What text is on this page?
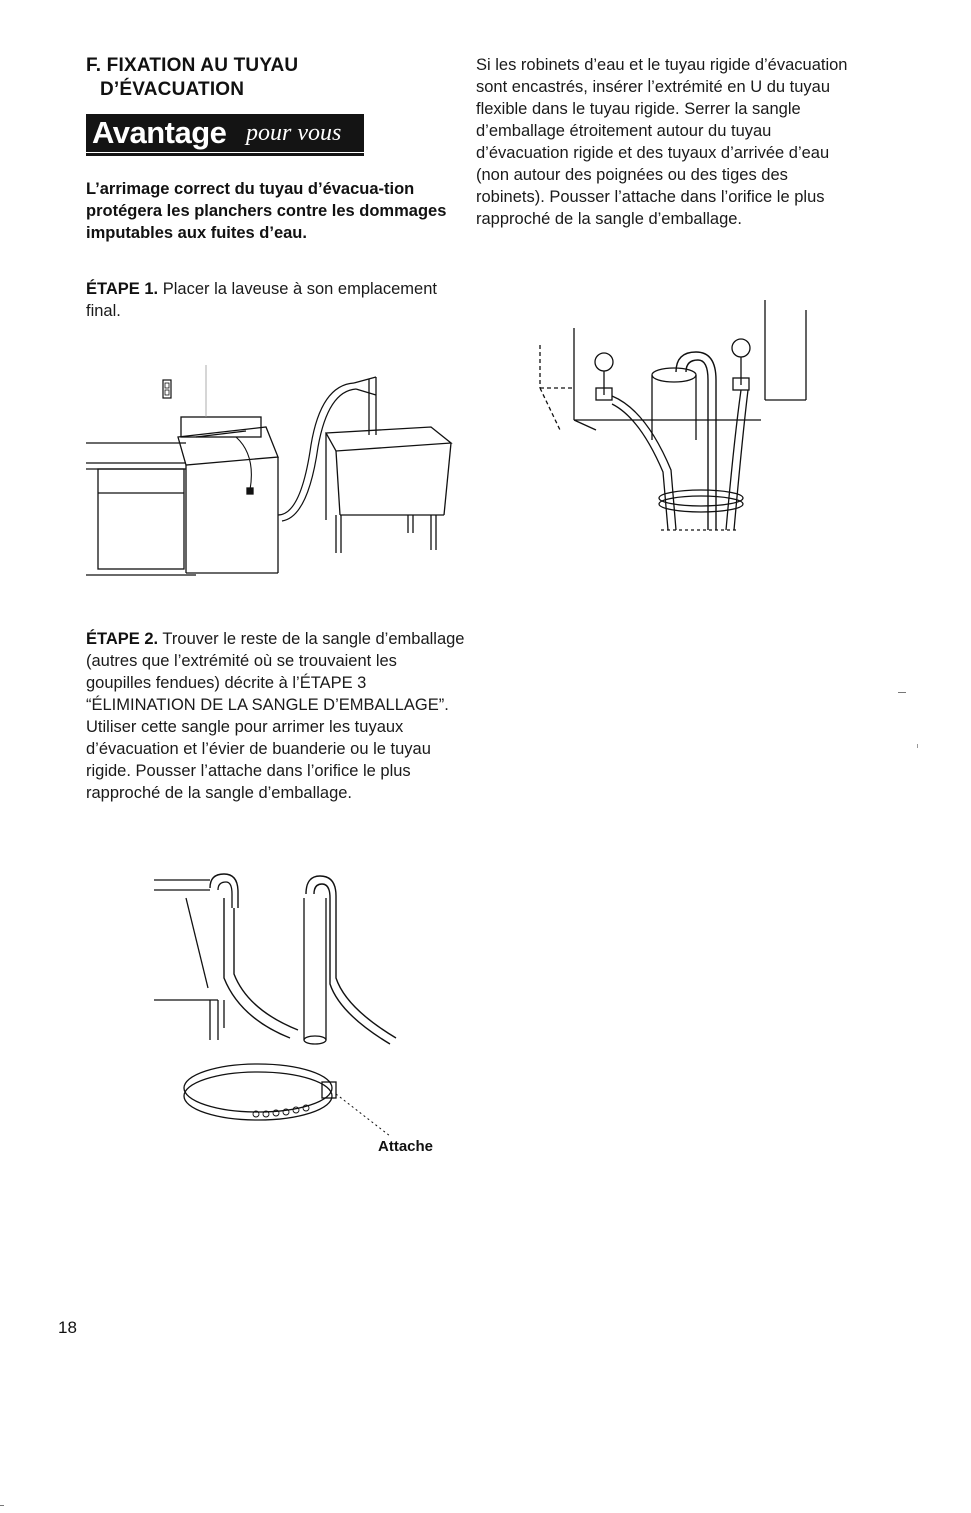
F. FIXATION AU TUYAU
D’ÉVACUATION
Avantage pour vous
L’arrimage correct du tuyau d’évacua-tion protégera les planchers contre les dommages imputables aux fuites d’eau.
ÉTAPE 1. Placer la laveuse à son emplacement final.
Si les robinets d’eau et le tuyau rigide d’évacuation sont encastrés, insérer l’extrémité en U du tuyau flexible dans le tuyau rigide. Serrer la sangle d’emballage étroitement autour du tuyau d’évacuation rigide et des tuyaux d’arrivée d’eau (non autour des poignées ou des tiges des robinets). Pousser l’attache dans l’orifice le plus rapproché de la sangle d’emballage.
ÉTAPE 2. Trouver le reste de la sangle d’emballage (autres que l’extrémité où se trouvaient les goupilles fendues) décrite à l’ÉTAPE 3 “ÉLIMINATION DE LA SANGLE D’EMBALLAGE”. Utiliser cette sangle pour arrimer les tuyaux d’évacuation et l’évier de buanderie ou le tuyau rigide. Pousser l’attache dans l’orifice le plus rapproché de la sangle d’emballage.
Attache
18
